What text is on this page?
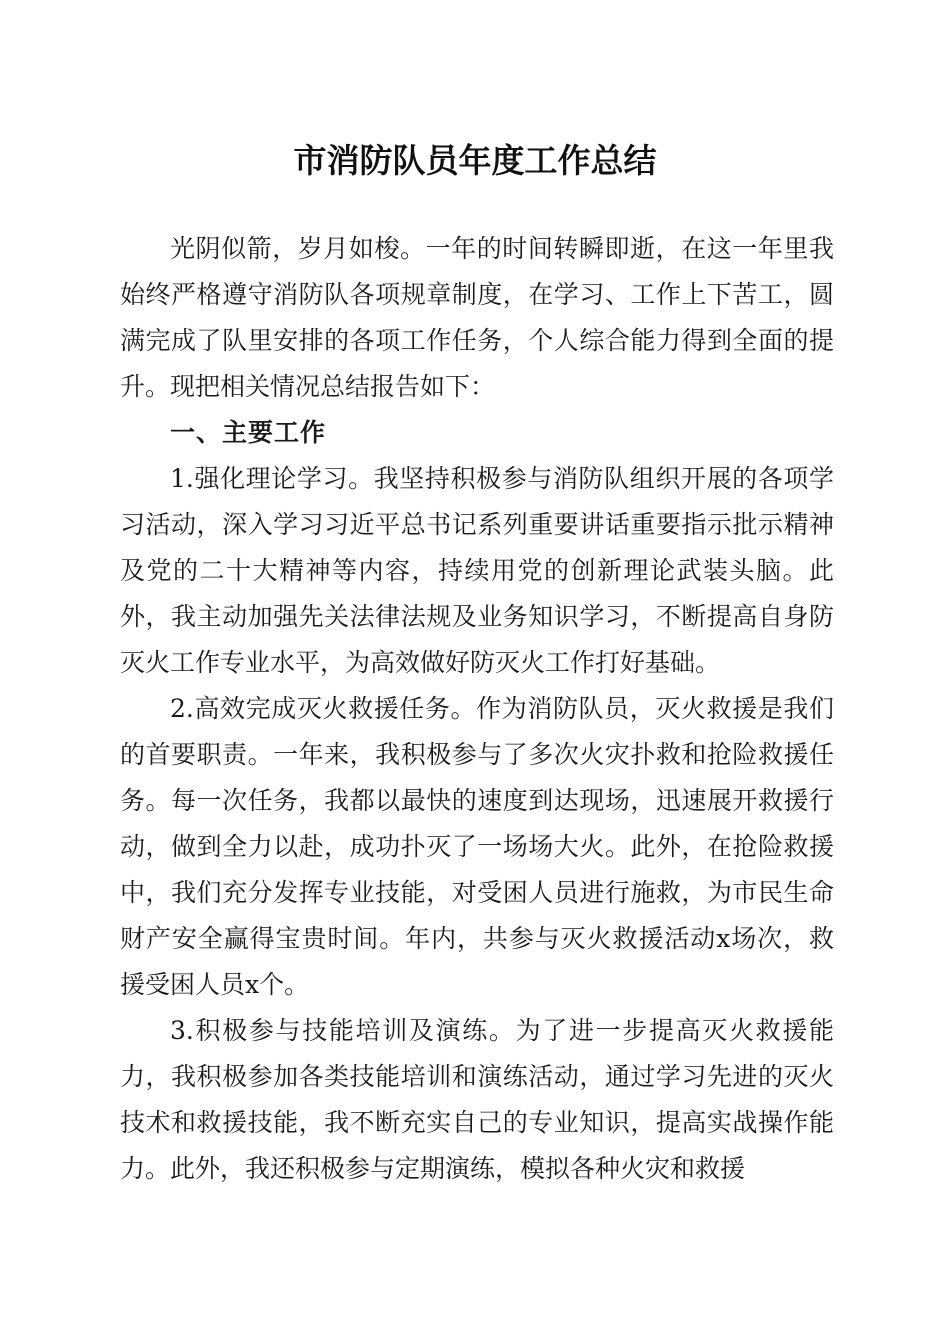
市消防队员年度工作总结

光阴似箭，岁月如梭。一年的时间转瞬即逝，在这一年里我始终严格遵守消防队各项规章制度，在学习、工作上下苦工，圆满完成了队里安排的各项工作任务，个人综合能力得到全面的提升。现把相关情况总结报告如下：

一、主要工作

1.强化理论学习。我坚持积极参与消防队组织开展的各项学习活动，深入学习习近平总书记系列重要讲话重要指示批示精神及党的二十大精神等内容，持续用党的创新理论武装头脑。此外，我主动加强先关法律法规及业务知识学习，不断提高自身防灭火工作专业水平，为高效做好防灭火工作打好基础。

2.高效完成灭火救援任务。作为消防队员，灭火救援是我们的首要职责。一年来，我积极参与了多次火灾扑救和抢险救援任务。每一次任务，我都以最快的速度到达现场，迅速展开救援行动，做到全力以赴，成功扑灭了一场场大火。此外，在抢险救援中，我们充分发挥专业技能，对受困人员进行施救，为市民生命财产安全赢得宝贵时间。年内，共参与灭火救援活动x场次，救援受困人员x个。

3.积极参与技能培训及演练。为了进一步提高灭火救援能力，我积极参加各类技能培训和演练活动，通过学习先进的灭火技术和救援技能，我不断充实自己的专业知识，提高实战操作能力。此外，我还积极参与定期演练，模拟各种火灾和救援
